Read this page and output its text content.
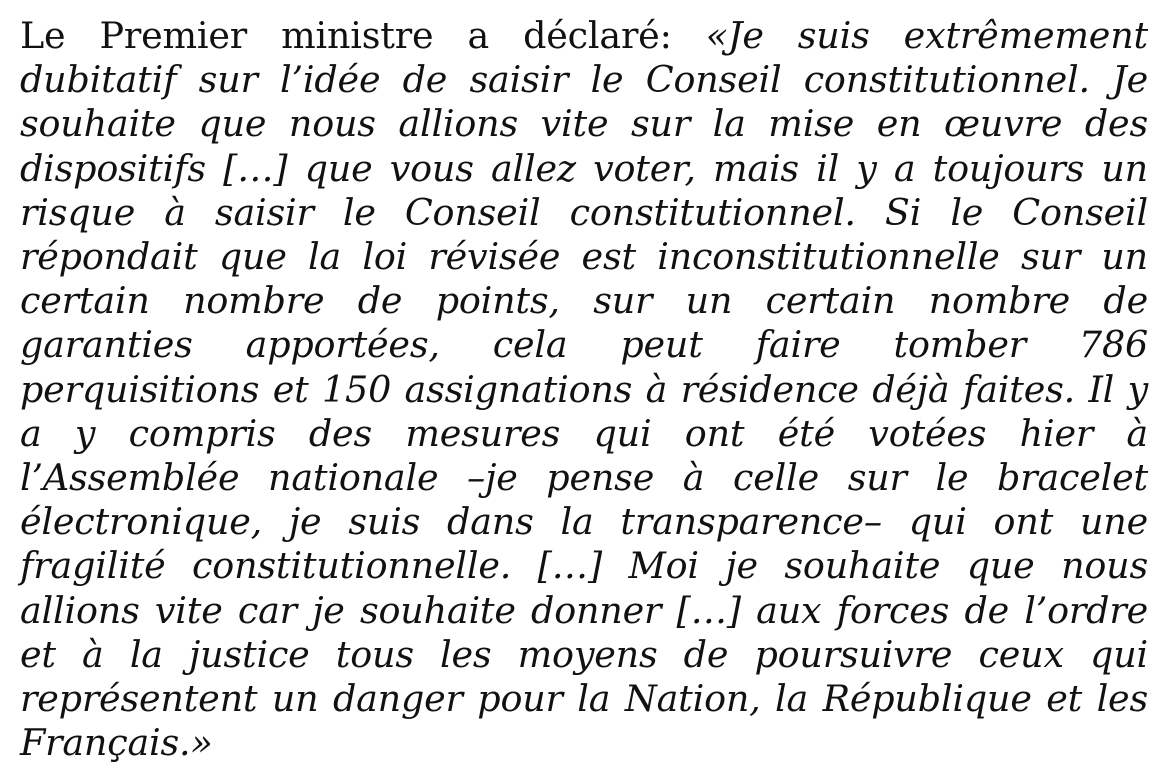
Le Premier ministre a déclaré: «Je suis extrêmement dubitatif sur l’idée de saisir le Conseil constitutionnel. Je souhaite que nous allions vite sur la mise en œuvre des dispositifs […] que vous allez voter, mais il y a toujours un risque à saisir le Conseil constitutionnel. Si le Conseil répondait que la loi révisée est inconstitutionnelle sur un certain nombre de points, sur un certain nombre de garanties apportées, cela peut faire tomber 786 perquisitions et 150 assignations à résidence déjà faites. Il y a y compris des mesures qui ont été votées hier à l’Assemblée nationale –je pense à celle sur le bracelet électronique, je suis dans la transparence– qui ont une fragilité constitutionnelle. […] Moi je souhaite que nous allions vite car je souhaite donner […] aux forces de l’ordre et à la justice tous les moyens de poursuivre ceux qui représentent un danger pour la Nation, la République et les Français.»
